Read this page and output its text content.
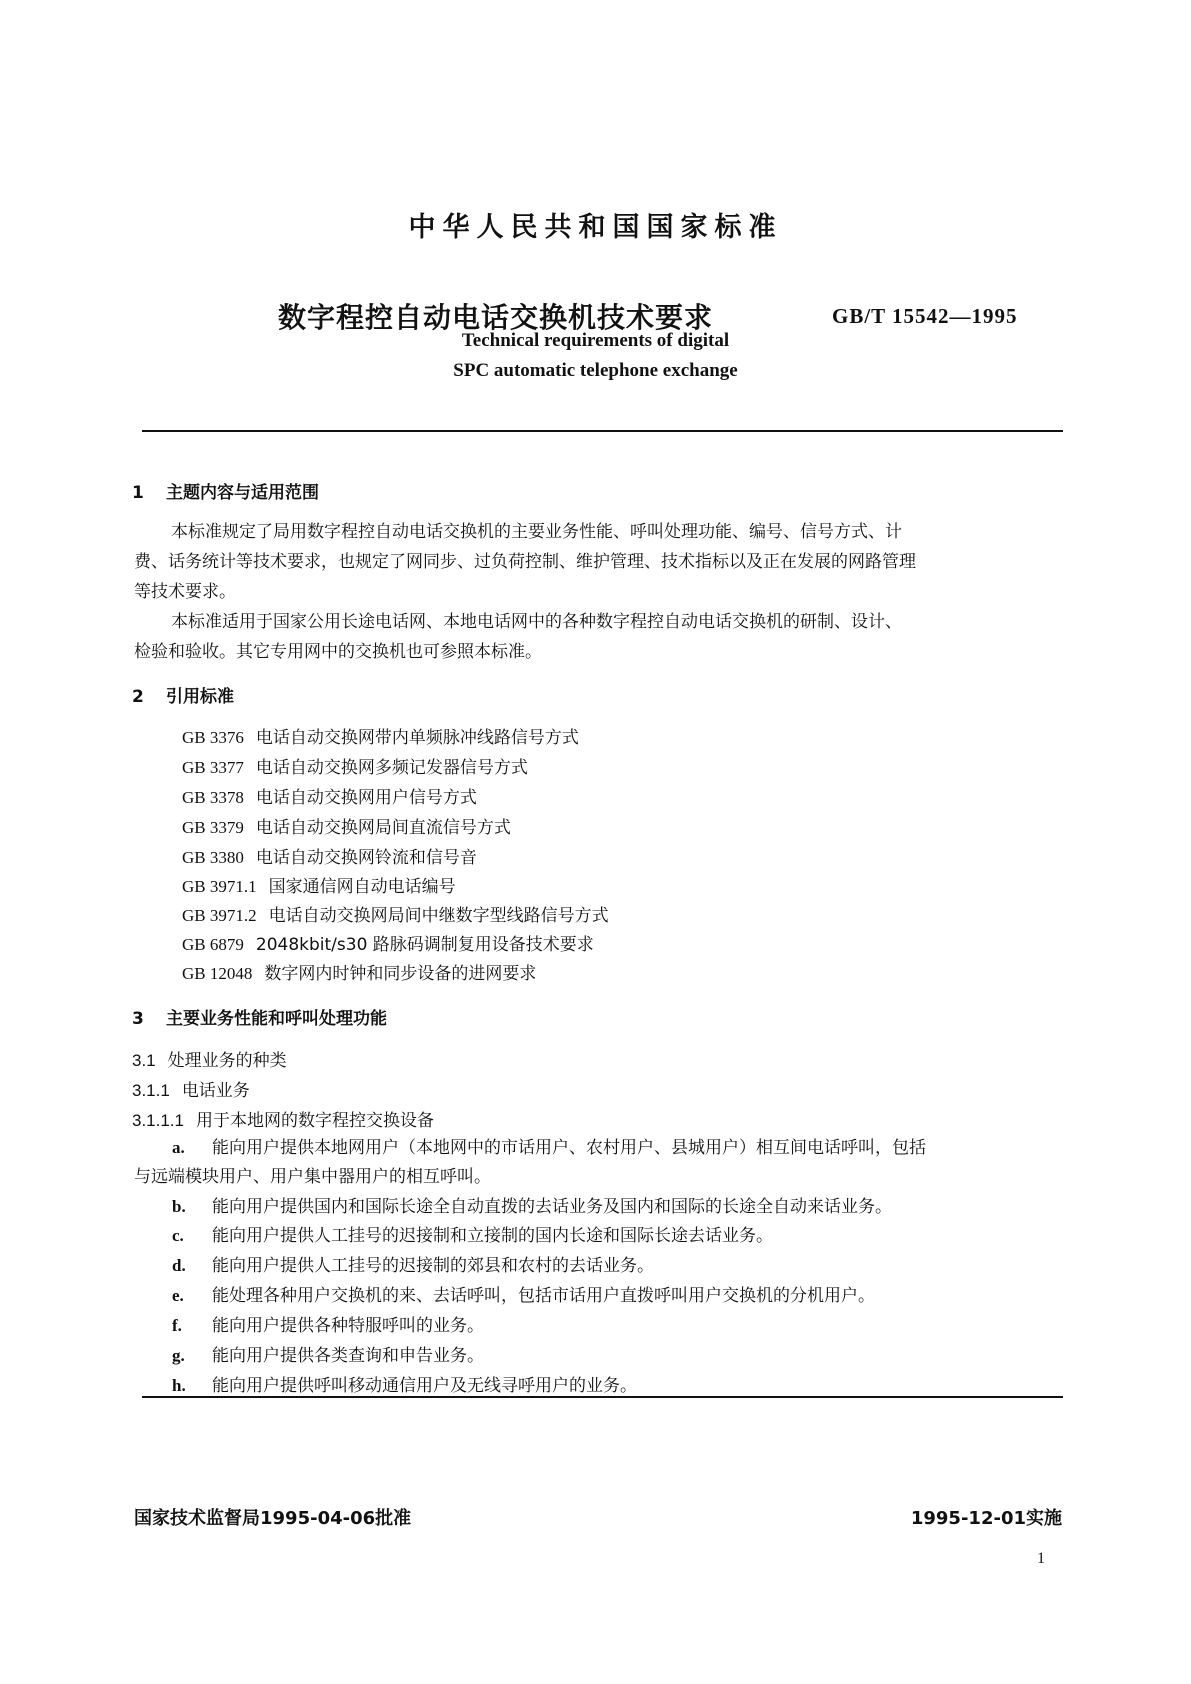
中华人民共和国国家标准
数字程控自动电话交换机技术要求	GB/T 15542—1995
Technical requirements of digital
SPC automatic telephone exchange
1 主题内容与适用范围
本标准规定了局用数字程控自动电话交换机的主要业务性能、呼叫处理功能、编号、信号方式、计
费、话务统计等技术要求，也规定了网同步、过负荷控制、维护管理、技术指标以及正在发展的网路管理
等技术要求。
本标准适用于国家公用长途电话网、本地电话网中的各种数字程控自动电话交换机的研制、设计、
检验和验收。其它专用网中的交换机也可参照本标准。
2 引用标准
GB 3376 电话自动交换网带内单频脉冲线路信号方式
GB 3377 电话自动交换网多频记发器信号方式
GB 3378 电话自动交换网用户信号方式
GB 3379 电话自动交换网局间直流信号方式
GB 3380 电话自动交换网铃流和信号音
GB 3971.1 国家通信网自动电话编号
GB 3971.2 电话自动交换网局间中继数字型线路信号方式
GB 6879 2048kbit/s30 路脉码调制复用设备技术要求
GB 12048 数字网内时钟和同步设备的进网要求
3 主要业务性能和呼叫处理功能
3.1 处理业务的种类
3.1.1 电话业务
3.1.1.1 用于本地网的数字程控交换设备
a. 能向用户提供本地网用户（本地网中的市话用户、农村用户、县城用户）相互间电话呼叫，包括
与远端模块用户、用户集中器用户的相互呼叫。
b. 能向用户提供国内和国际长途全自动直拨的去话业务及国内和国际的长途全自动来话业务。
c. 能向用户提供人工挂号的迟接制和立接制的国内长途和国际长途去话业务。
d. 能向用户提供人工挂号的迟接制的郊县和农村的去话业务。
e. 能处理各种用户交换机的来、去话呼叫，包括市话用户直拨呼叫用户交换机的分机用户。
f. 能向用户提供各种特服呼叫的业务。
g. 能向用户提供各类查询和申告业务。
h. 能向用户提供呼叫移动通信用户及无线寻呼用户的业务。
国家技术监督局1995-04-06批准	1995-12-01实施
1
